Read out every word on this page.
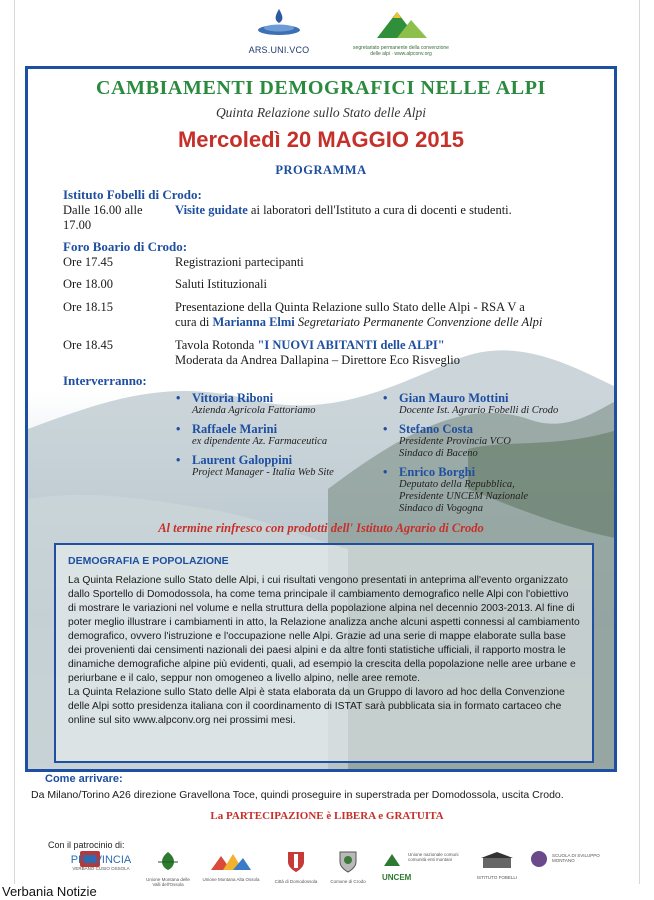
ARS.UNI.VCO	segretariato permanente della convenzione delle alpi · www.alpconv.org
CAMBIAMENTI DEMOGRAFICI NELLE ALPI
Quinta Relazione sullo Stato delle Alpi
Mercoledì 20 MAGGIO 2015
PROGRAMMA
Istituto Fobelli di Crodo:
Dalle 16.00 alle 17.00
Visite guidate ai laboratori dell'Istituto a cura di docenti e studenti.
Foro Boario di Crodo:
Ore 17.45	Registrazioni partecipanti
Ore 18.00	Saluti Istituzionali
Ore 18.15	Presentazione della Quinta Relazione sullo Stato delle Alpi - RSA V a
cura di Marianna Elmi Segretariato Permanente Convenzione delle Alpi
Ore 18.45	Tavola Rotonda "I NUOVI ABITANTI delle ALPI"
Moderata da Andrea Dallapina – Direttore Eco Risveglio
Interverranno:
• Vittoria Riboni
Azienda Agricola Fattoriamo
• Raffaele Marini
ex dipendente Az. Farmaceutica
• Laurent Galoppini
Project Manager - Italia Web Site
• Gian Mauro Mottini
Docente Ist. Agrario Fobelli di Crodo
• Stefano Costa
Presidente Provincia VCO
Sindaco di Baceno
• Enrico Borghi
Deputato della Repubblica,
Presidente UNCEM Nazionale
Sindaco di Vogogna
Al termine rinfresco con prodotti dell' Istituto Agrario di Crodo
DEMOGRAFIA E POPOLAZIONE
La Quinta Relazione sullo Stato delle Alpi, i cui risultati vengono presentati in anteprima all'evento organizzato
dallo Sportello di Domodossola, ha come tema principale il cambiamento demografico nelle Alpi con l'obiettivo
di mostrare le variazioni nel volume e nella struttura della popolazione alpina nel decennio 2003-2013. Al fine di
poter meglio illustrare i cambiamenti in atto, la Relazione analizza anche alcuni aspetti connessi al cambiamento
demografico, ovvero l'istruzione e l'occupazione nelle Alpi. Grazie ad una serie di mappe elaborate sulla base
dei provenienti dai censimenti nazionali dei paesi alpini e da altre fonti statistiche ufficiali, il rapporto mostra le
dinamiche demografiche alpine più evidenti, quali, ad esempio la crescita della popolazione nelle aree urbane e
periurbane e il calo, seppur non omogeneo a livello alpino, nelle aree remote.
La Quinta Relazione sullo Stato delle Alpi è stata elaborata da un Gruppo di lavoro ad hoc della Convenzione
delle Alpi sotto presidenza italiana con il coordinamento di ISTAT sarà pubblicata sia in formato cartaceo che
online sul sito www.alpconv.org nei prossimi mesi.
Come arrivare:
Da Milano/Torino A26 direzione Gravellona Toce, quindi proseguire in superstrada per Domodossola, uscita Crodo.
La PARTECIPAZIONE è LIBERA e GRATUITA
Con il patrocinio di:
PROVINCIA
VERBANO CUSIO OSSOLA
Unione Montana delle Valli dell'Ossola
Unione Montana Alta Ossola	Città di Domodossola	Comune di Crodo	UNCEM
Unione nazionale comuni comunità enti montani
ISTITUTO FOBELLI
SCUOLA DI SVILUPPO MONTANO
Verbania Notizie
